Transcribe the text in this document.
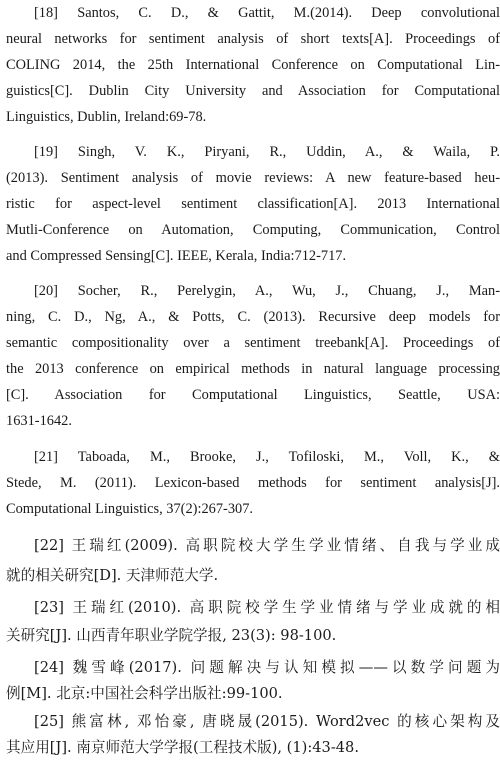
[18] Santos, C. D., & Gattit, M.(2014). Deep convolutional
neural networks for sentiment analysis of short texts[A]. Proceedings of
COLING 2014, the 25th International Conference on Computational Lin-
guistics[C]. Dublin City University and Association for Computational
Linguistics, Dublin, Ireland:69-78.
[19] Singh, V. K., Piryani, R., Uddin, A., & Waila, P.
(2013). Sentiment analysis of movie reviews: A new feature-based heu-
ristic for aspect-level sentiment classification[A]. 2013 International
Mutli-Conference on Automation, Computing, Communication, Control
and Compressed Sensing[C]. IEEE, Kerala, India:712-717.
[20] Socher, R., Perelygin, A., Wu, J., Chuang, J., Man-
ning, C. D., Ng, A., & Potts, C. (2013). Recursive deep models for
semantic compositionality over a sentiment treebank[A]. Proceedings of
the 2013 conference on empirical methods in natural language processing
[C]. Association for Computational Linguistics, Seattle, USA:
1631-1642.
[21] Taboada, M., Brooke, J., Tofiloski, M., Voll, K., &
Stede, M. (2011). Lexicon-based methods for sentiment analysis[J].
Computational Linguistics, 37(2):267-307.
[22] 王瑞红(2009). 高职院校大学生学业情绪、自我与学业成
就的相关研究[D]. 天津师范大学.
[23] 王瑞红(2010). 高职院校学生学业情绪与学业成就的相
关研究[J]. 山西青年职业学院学报, 23(3): 98-100.
[24] 魏雪峰(2017). 问题解决与认知模拟——以数学问题为
例[M]. 北京:中国社会科学出版社:99-100.
[25] 熊富林, 邓怡豪, 唐晓晟(2015). Word2vec 的核心架构及
其应用[J]. 南京师范大学学报(工程技术版), (1):43-48.
